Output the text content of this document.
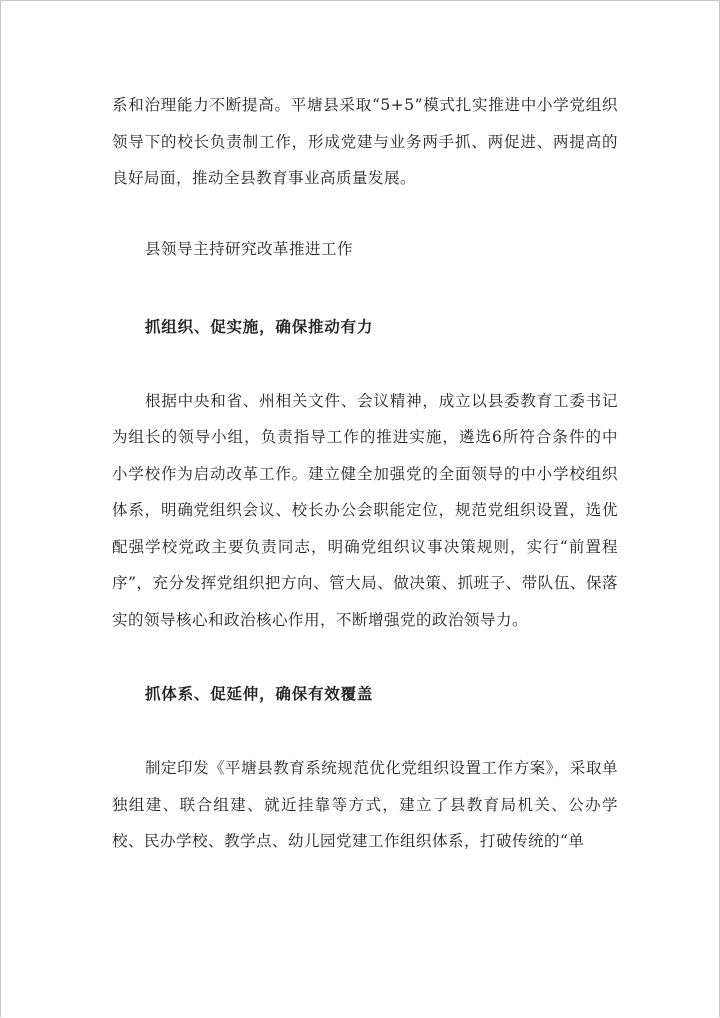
系和治理能力不断提高。平塘县采取“5+5”模式扎实推进中小学党组织领导下的校长负责制工作，形成党建与业务两手抓、两促进、两提高的良好局面，推动全县教育事业高质量发展。

县领导主持研究改革推进工作

抓组织、促实施，确保推动有力

根据中央和省、州相关文件、会议精神，成立以县委教育工委书记为组长的领导小组，负责指导工作的推进实施，遴选6所符合条件的中小学校作为启动改革工作。建立健全加强党的全面领导的中小学校组织体系，明确党组织会议、校长办公会职能定位，规范党组织设置，选优配强学校党政主要负责同志，明确党组织议事决策规则，实行“前置程序”，充分发挥党组织把方向、管大局、做决策、抓班子、带队伍、保落实的领导核心和政治核心作用，不断增强党的政治领导力。

抓体系、促延伸，确保有效覆盖

制定印发《平塘县教育系统规范优化党组织设置工作方案》，采取单独组建、联合组建、就近挂靠等方式，建立了县教育局机关、公办学校、民办学校、教学点、幼儿园党建工作组织体系，打破传统的“单
